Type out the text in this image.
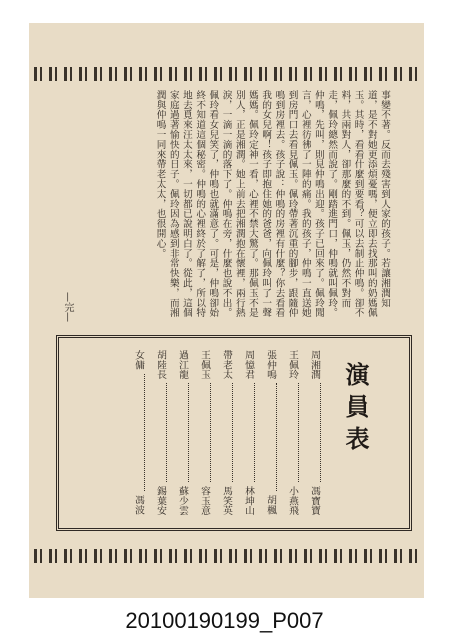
事變不著。反而去殘害到人家的孩子。若讓湘潤知道，是不對她更添煩憂嗎，便立即去找那叫的奶媽佩玉。其時，看看什麼到要看？可以去制止仲鳴。卻不料，共兩對人，卻那麼的不到。佩玉，仍然不對而走，佩玲總然而說了。剛踏進門口，仲鳴就叫佩玲。仲鳴，先叫，則見仲鳴出迎。孩子已回來了。佩玲聞言，心裡彷彿了一陣的痛。我的孩子，仲鳴一直送她到房門口去看見佩玉。佩玲帶著沉重的腳步，跟隨仲鳴到房裡去。孩子說：仲鳴的房裡有什麼？你去看看我的女兒啊！孩子即抱住她的爸爸，向佩玲叫了一聲媽媽。佩玲定神一看，心裡不禁大驚了。那佩玉不是別人，正是湘潤。她上前去把湘潤抱在懷裡，兩行熱淚，一滴一滴的落下了。仲鳴在旁，什麼也說不出。佩玲看女兒笑了，仲鳴也就滿意了。可是，仲鳴卻始終不知道這個秘密。仲鳴的心裡終於了解了，所以特地去覓來汪太太來，一切都已說明白了。從此，這個家庭過著愉快的日子。佩玲因為感到非常快樂，而湘潤與仲鳴一同來帶老太太，也很開心。

—完—
演員表
周湘潤
馮寶寶
王佩玲
小燕飛
張仲鳴
胡楓
周憶君
林坤山
帶老太
馬笑英
王佩玉
容玉意
過江龍
蘇少雲
胡陸長
錫葉安
女傭
馮波
20100190199_P007
